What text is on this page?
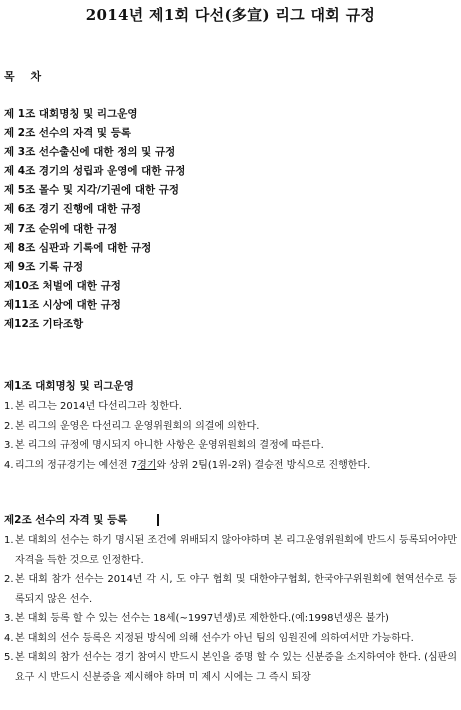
2014년 제1회 다선(多宣) 리그 대회 규정
목 차
제 1조 대회명칭 및 리그운영
제 2조 선수의 자격 및 등록
제 3조 선수출신에 대한 정의 및 규정
제 4조 경기의 성립과 운영에 대한 규정
제 5조 몰수 및 지각/기권에 대한 규정
제 6조 경기 진행에 대한 규정
제 7조 순위에 대한 규정
제 8조 심판과 기록에 대한 규정
제 9조 기록 규정
제10조 처벌에 대한 규정
제11조 시상에 대한 규정
제12조 기타조항
제1조 대회명칭 및 리그운영
1. 본 리그는 2014년 다선리그라 칭한다.
2. 본 리그의 운영은 다선리그 운영위원회의 의결에 의한다.
3. 본 리그의 규정에 명시되지 아니한 사항은 운영위원회의 결정에 따른다.
4. 리그의 정규경기는 예선전 7경기와 상위 2팀(1위-2위) 결승전 방식으로 진행한다.
제2조 선수의 자격 및 등록
1. 본 대회의 선수는 하기 명시된 조건에 위배되지 않아야하며 본 리그운영위원회에 반드시 등록되어야만 자격을 득한 것으로 인정한다.
2. 본 대회 참가 선수는 2014년 각 시, 도 야구 협회 및 대한야구협회, 한국야구위원회에 현역선수로 등록되지 않은 선수.
3. 본 대회 등록 할 수 있는 선수는 18세(~1997년생)로 제한한다.(예:1998년생은 불가)
4. 본 대회의 선수 등록은 지정된 방식에 의해 선수가 아닌 팀의 임원진에 의하여서만 가능하다.
5. 본 대회의 참가 선수는 경기 참여시 반드시 본인을 증명 할 수 있는 신분증을 소지하여야 한다. (심판의 요구 시 반드시 신분증을 제시해야 하며 미 제시 시에는 그 즉시 퇴장
